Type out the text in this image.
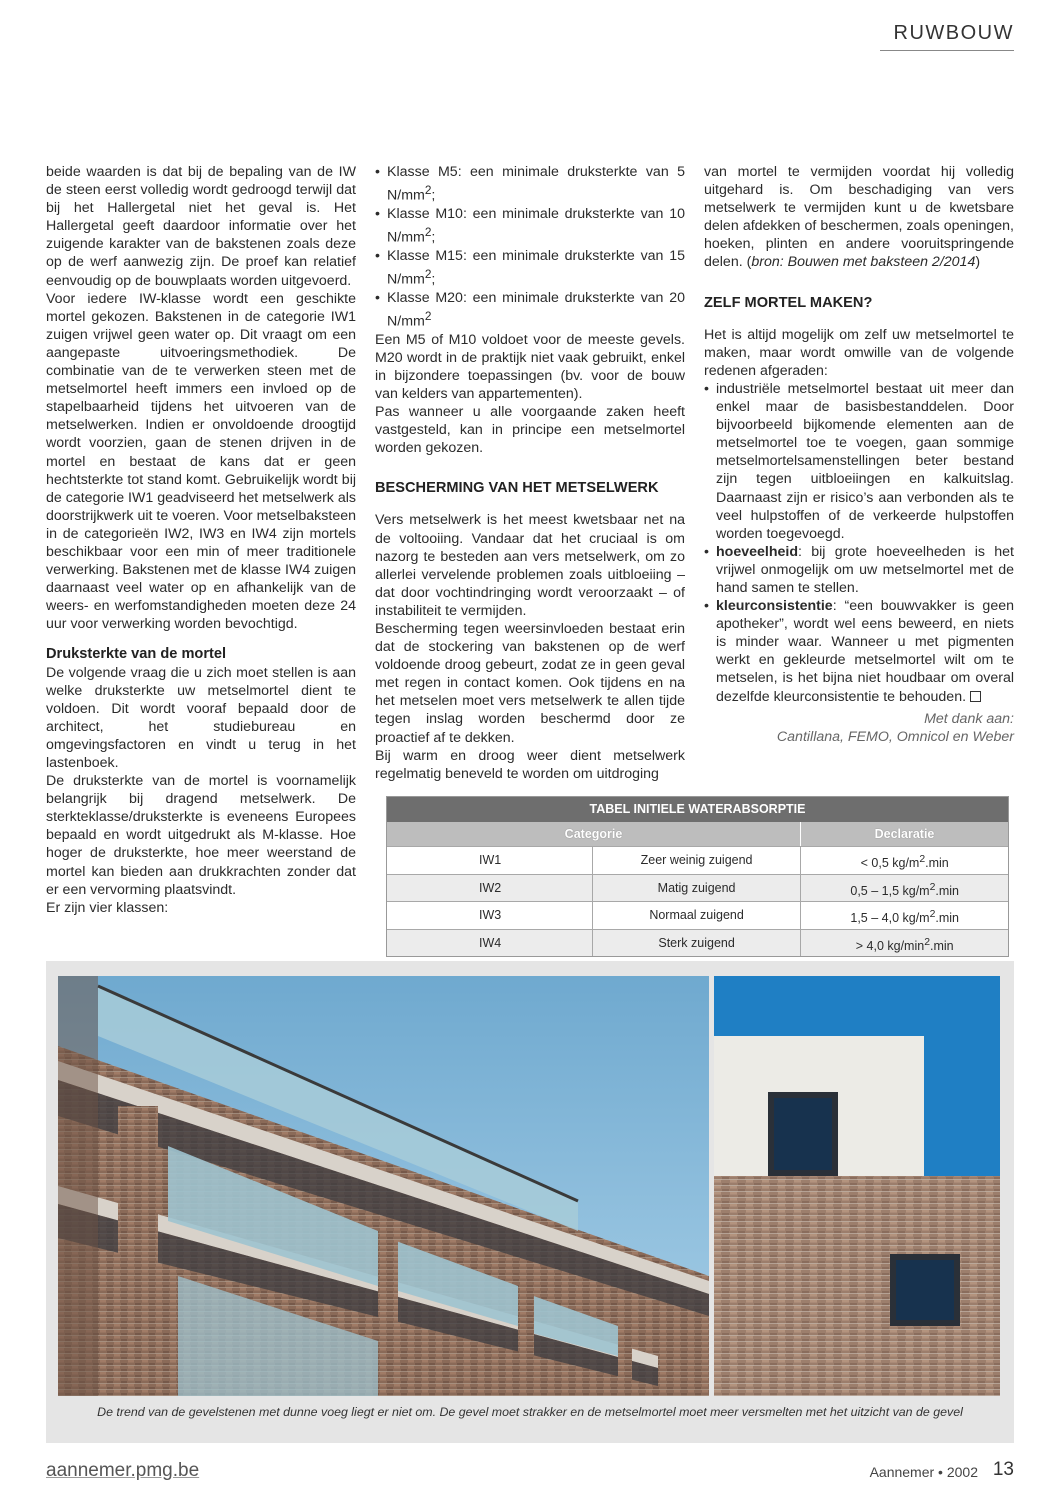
RUWBOUW

beide waarden is dat bij de bepaling van de IW de steen eerst volledig wordt gedroogd terwijl dat bij het Hallergetal niet het geval is. Het Hallergetal geeft daardoor informatie over het zuigende karakter van de bakstenen zoals deze op de werf aanwezig zijn. De proef kan relatief eenvoudig op de bouwplaats worden uitgevoerd.

Voor iedere IW-klasse wordt een geschikte mortel gekozen. Bakstenen in de categorie IW1 zuigen vrijwel geen water op. Dit vraagt om een aangepaste uitvoeringsmethodiek. De combinatie van de te verwerken steen met de metselmortel heeft immers een invloed op de stapelbaarheid tijdens het uitvoeren van de metselwerken. Indien er onvoldoende droogtijd wordt voorzien, gaan de stenen drijven in de mortel en bestaat de kans dat er geen hechtsterkte tot stand komt. Gebruikelijk wordt bij de categorie IW1 geadviseerd het metselwerk als doorstrijkwerk uit te voeren. Voor metselbaksteen in de categorieën IW2, IW3 en IW4 zijn mortels beschikbaar voor een min of meer traditionele verwerking. Bakstenen met de klasse IW4 zuigen daarnaast veel water op en afhankelijk van de weers- en werfomstandigheden moeten deze 24 uur voor verwerking worden bevochtigd.

Druksterkte van de mortel

De volgende vraag die u zich moet stellen is aan welke druksterkte uw metselmortel dient te voldoen. Dit wordt vooraf bepaald door de architect, het studiebureau en omgevingsfactoren en vindt u terug in het lastenboek.

De druksterkte van de mortel is voornamelijk belangrijk bij dragend metselwerk. De sterkteklasse/druksterkte is eveneens Europees bepaald en wordt uitgedrukt als M-klasse. Hoe hoger de druksterkte, hoe meer weerstand de mortel kan bieden aan drukkrachten zonder dat er een vervorming plaatsvindt.

Er zijn vier klassen:

• Klasse M5: een minimale druksterkte van 5 $N/mm^2$;
• Klasse M10: een minimale druksterkte van 10 $N/mm^2$;
• Klasse M15: een minimale druksterkte van 15 $N/mm^2$;
• Klasse M20: een minimale druksterkte van 20 $N/mm^2$

Een M5 of M10 voldoet voor de meeste gevels. M20 wordt in de praktijk niet vaak gebruikt, enkel in bijzondere toepassingen (bv. voor de bouw van kelders van appartementen).

Pas wanneer u alle voorgaande zaken heeft vastgesteld, kan in principe een metselmortel worden gekozen.

BESCHERMING VAN HET METSELWERK

Vers metselwerk is het meest kwetsbaar net na de voltooiing. Vandaar dat het cruciaal is om nazorg te besteden aan vers metselwerk, om zo allerlei vervelende problemen zoals uitbloeiing – dat door vochtindringing wordt veroorzaakt – of instabiliteit te vermijden.

Bescherming tegen weersinvloeden bestaat erin dat de stockering van bakstenen op de werf voldoende droog gebeurt, zodat ze in geen geval met regen in contact komen. Ook tijdens en na het metselen moet vers metselwerk te allen tijde tegen inslag worden beschermd door ze proactief af te dekken.

Bij warm en droog weer dient metselwerk regelmatig beneveld te worden om uitdroging

van mortel te vermijden voordat hij volledig uitgehard is. Om beschadiging van vers metselwerk te vermijden kunt u de kwetsbare delen afdekken of beschermen, zoals openingen, hoeken, plinten en andere vooruitspringende delen. (bron: Bouwen met baksteen 2/2014)

ZELF MORTEL MAKEN?

Het is altijd mogelijk om zelf uw metselmortel te maken, maar wordt omwille van de volgende redenen afgeraden:

• industriële metselmortel bestaat uit meer dan enkel maar de basisbestanddelen. Door bijvoorbeeld bijkomende elementen aan de metselmortel toe te voegen, gaan sommige metselmortelsamenstellingen beter bestand zijn tegen uitbloeiingen en kalkuitslag. Daarnaast zijn er risico’s aan verbonden als te veel hulpstoffen of de verkeerde hulpstoffen worden toegevoegd.
• hoeveelheid: bij grote hoeveelheden is het vrijwel onmogelijk om uw metselmortel met de hand samen te stellen.
• kleurconsistentie: “een bouwvakker is geen apotheker”, wordt wel eens beweerd, en niets is minder waar. Wanneer u met pigmenten werkt en gekleurde metselmortel wilt om te metselen, is het bijna niet houdbaar om overal dezelfde kleurconsistentie te behouden.
Met dank aan:
Cantillana, FEMO, Omnicol en Weber
TABEL INITIELE WATERABSORPTIE
Categorie	Declaratie
IW1	Zeer weinig zuigend	< 0,5 $kg/m^2.\min$
IW2	Matig zuigend	0,5 – 1,5 $kg/m^2.\min$
IW3	Normaal zuigend	1,5 – 4,0 $kg/m^2.\min$
IW4	Sterk zuigend	> 4,0 $kg/\min^2.\min$
De trend van de gevelstenen met dunne voeg liegt er niet om. De gevel moet strakker en de metselmortel moet meer versmelten met het uitzicht van de gevel
aannemer.pmg.be	Aannemer • 2002 13
